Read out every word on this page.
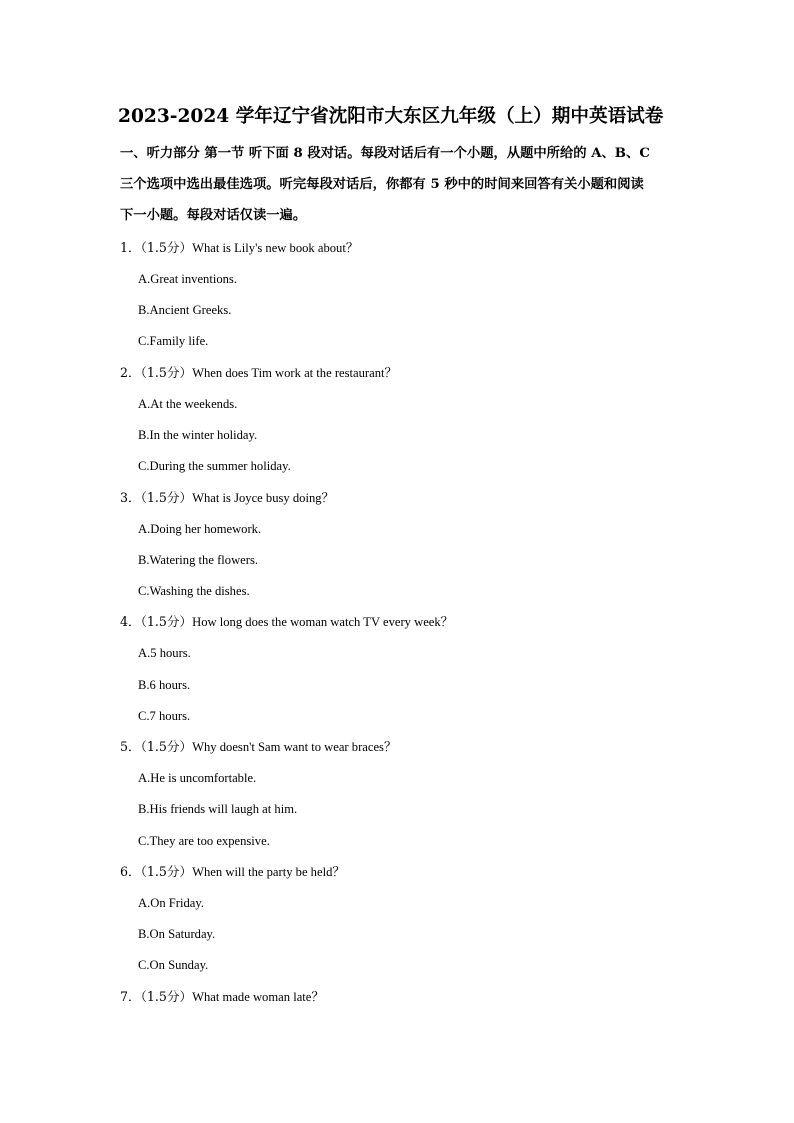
2023-2024 学年辽宁省沈阳市大东区九年级（上）期中英语试卷
一、听力部分 第一节 听下面 8 段对话。每段对话后有一个小题，从题中所给的 A、B、C
三个选项中选出最佳选项。听完每段对话后，你都有 5 秒中的时间来回答有关小题和阅读
下一小题。每段对话仅读一遍。
1．（1.5分）What is Lily's new book about？
A.Great inventions.
B.Ancient Greeks.
C.Family life.
2．（1.5分）When does Tim work at the restaurant？
A.At the weekends.
B.In the winter holiday.
C.During the summer holiday.
3．（1.5分）What is Joyce busy doing？
A.Doing her homework.
B.Watering the flowers.
C.Washing the dishes.
4．（1.5分）How long does the woman watch TV every week？
A.5 hours.
B.6 hours.
C.7 hours.
5．（1.5分）Why doesn't Sam want to wear braces？
A.He is uncomfortable.
B.His friends will laugh at him.
C.They are too expensive.
6．（1.5分）When will the party be held？
A.On Friday.
B.On Saturday.
C.On Sunday.
7．（1.5分）What made woman late？
